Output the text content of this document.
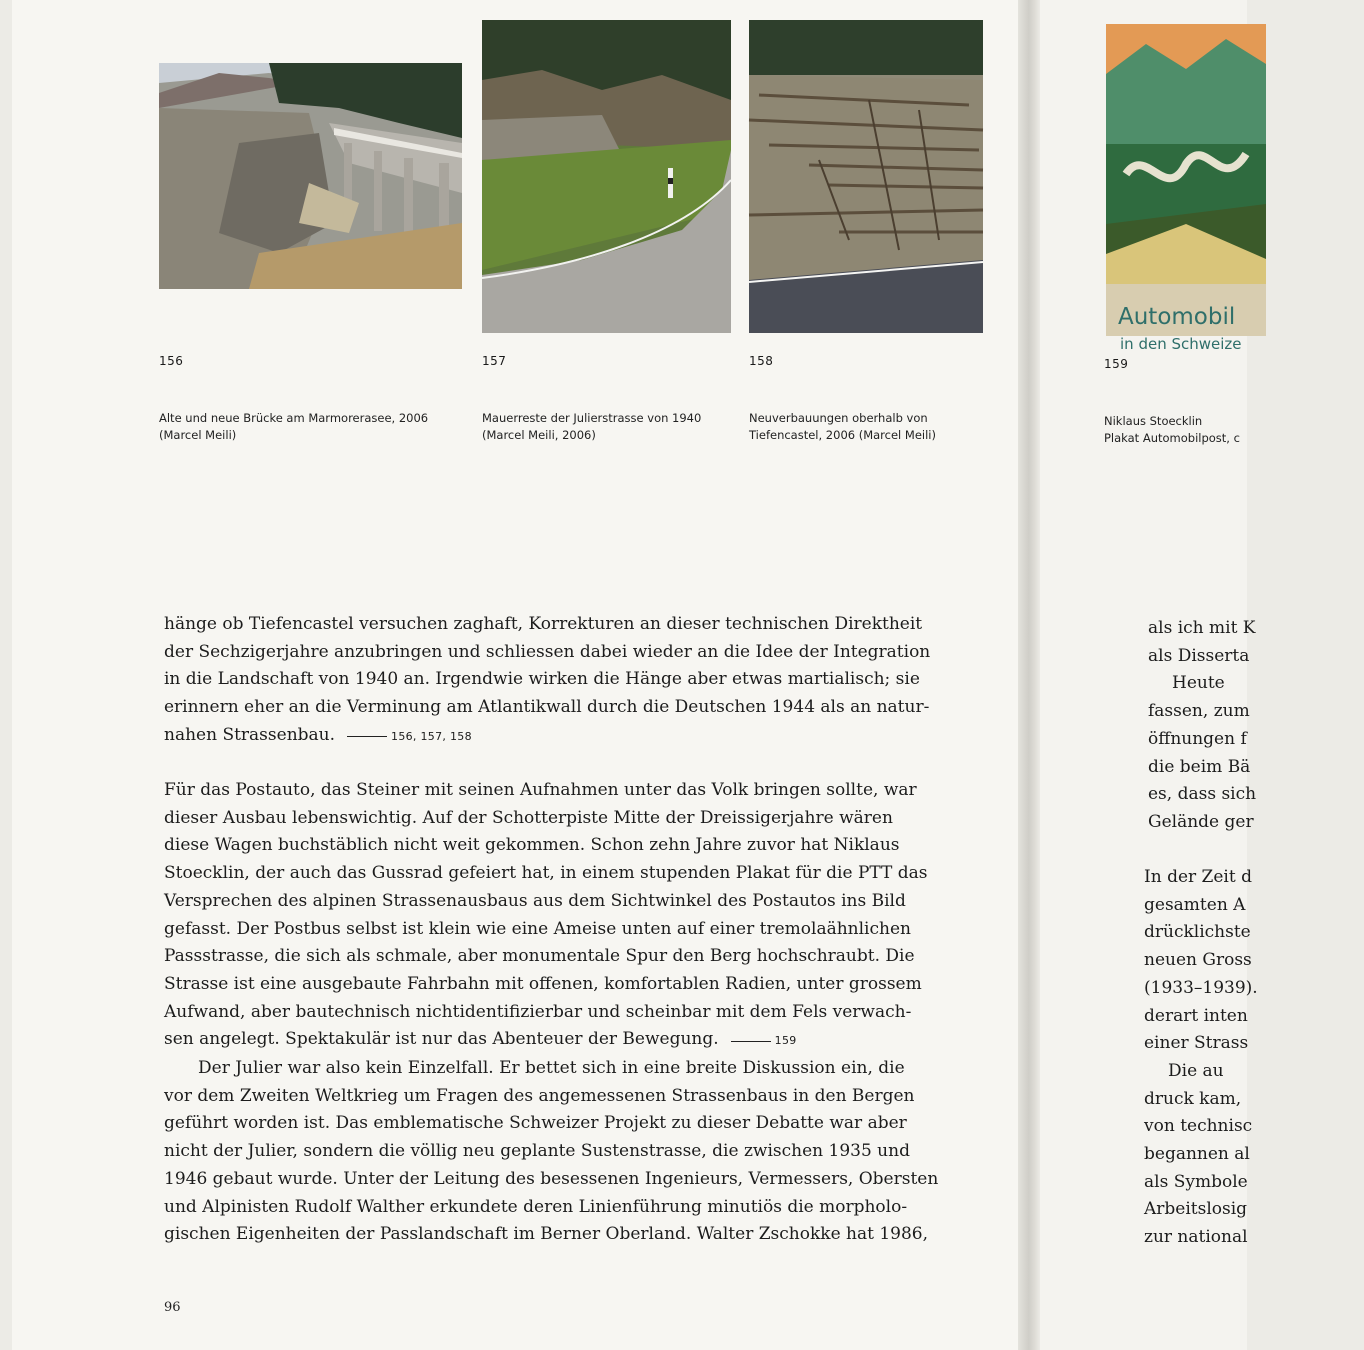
156
Alte und neue Brücke am Marmorerasee, 2006
(Marcel Meili)
157
Mauerreste der Julierstrasse von 1940
(Marcel Meili, 2006)
158
Neuverbauungen oberhalb von
Tiefencastel, 2006 (Marcel Meili)
hänge ob Tiefencastel versuchen zaghaft, Korrekturen an dieser technischen Direktheit
der Sechzigerjahre anzubringen und schliessen dabei wieder an die Idee der Integration
in die Landschaft von 1940 an. Irgendwie wirken die Hänge aber etwas martialisch; sie
erinnern eher an die Verminung am Atlantikwall durch die Deutschen 1944 als an natur-
nahen Strassenbau.	156, 157, 158
Für das Postauto, das Steiner mit seinen Aufnahmen unter das Volk bringen sollte, war
dieser Ausbau lebenswichtig. Auf der Schotterpiste Mitte der Dreissigerjahre wären
diese Wagen buchstäblich nicht weit gekommen. Schon zehn Jahre zuvor hat Niklaus
Stoecklin, der auch das Gussrad gefeiert hat, in einem stupenden Plakat für die PTT das
Versprechen des alpinen Strassenausbaus aus dem Sichtwinkel des Postautos ins Bild
gefasst. Der Postbus selbst ist klein wie eine Ameise unten auf einer tremolaähnlichen
Passstrasse, die sich als schmale, aber monumentale Spur den Berg hochschraubt. Die
Strasse ist eine ausgebaute Fahrbahn mit offenen, komfortablen Radien, unter grossem
Aufwand, aber bautechnisch nichtidentifizierbar und scheinbar mit dem Fels verwach-
sen angelegt. Spektakulär ist nur das Abenteuer der Bewegung.	159
Der Julier war also kein Einzelfall. Er bettet sich in eine breite Diskussion ein, die
vor dem Zweiten Weltkrieg um Fragen des angemessenen Strassenbaus in den Bergen
geführt worden ist. Das emblematische Schweizer Projekt zu dieser Debatte war aber
nicht der Julier, sondern die völlig neu geplante Sustenstrasse, die zwischen 1935 und
1946 gebaut wurde. Unter der Leitung des besessenen Ingenieurs, Vermessers, Obersten
und Alpinisten Rudolf Walther erkundete deren Linienführung minutiös die morpholo-
gischen Eigenheiten der Passlandschaft im Berner Oberland. Walter Zschokke hat 1986,
96
Automobil
in den Schweize
159
Niklaus Stoecklin
Plakat Automobilpost, c
als ich mit K
als Disserta
Heute
fassen, zum
öffnungen f
die beim Bä
es, dass sich
Gelände ger
In der Zeit d
gesamten A
drücklichste
neuen Gross
(1933–1939).
derart inten
einer Strass
Die au
druck kam,
von technisc
begannen al
als Symbole
Arbeitslosig
zur national
